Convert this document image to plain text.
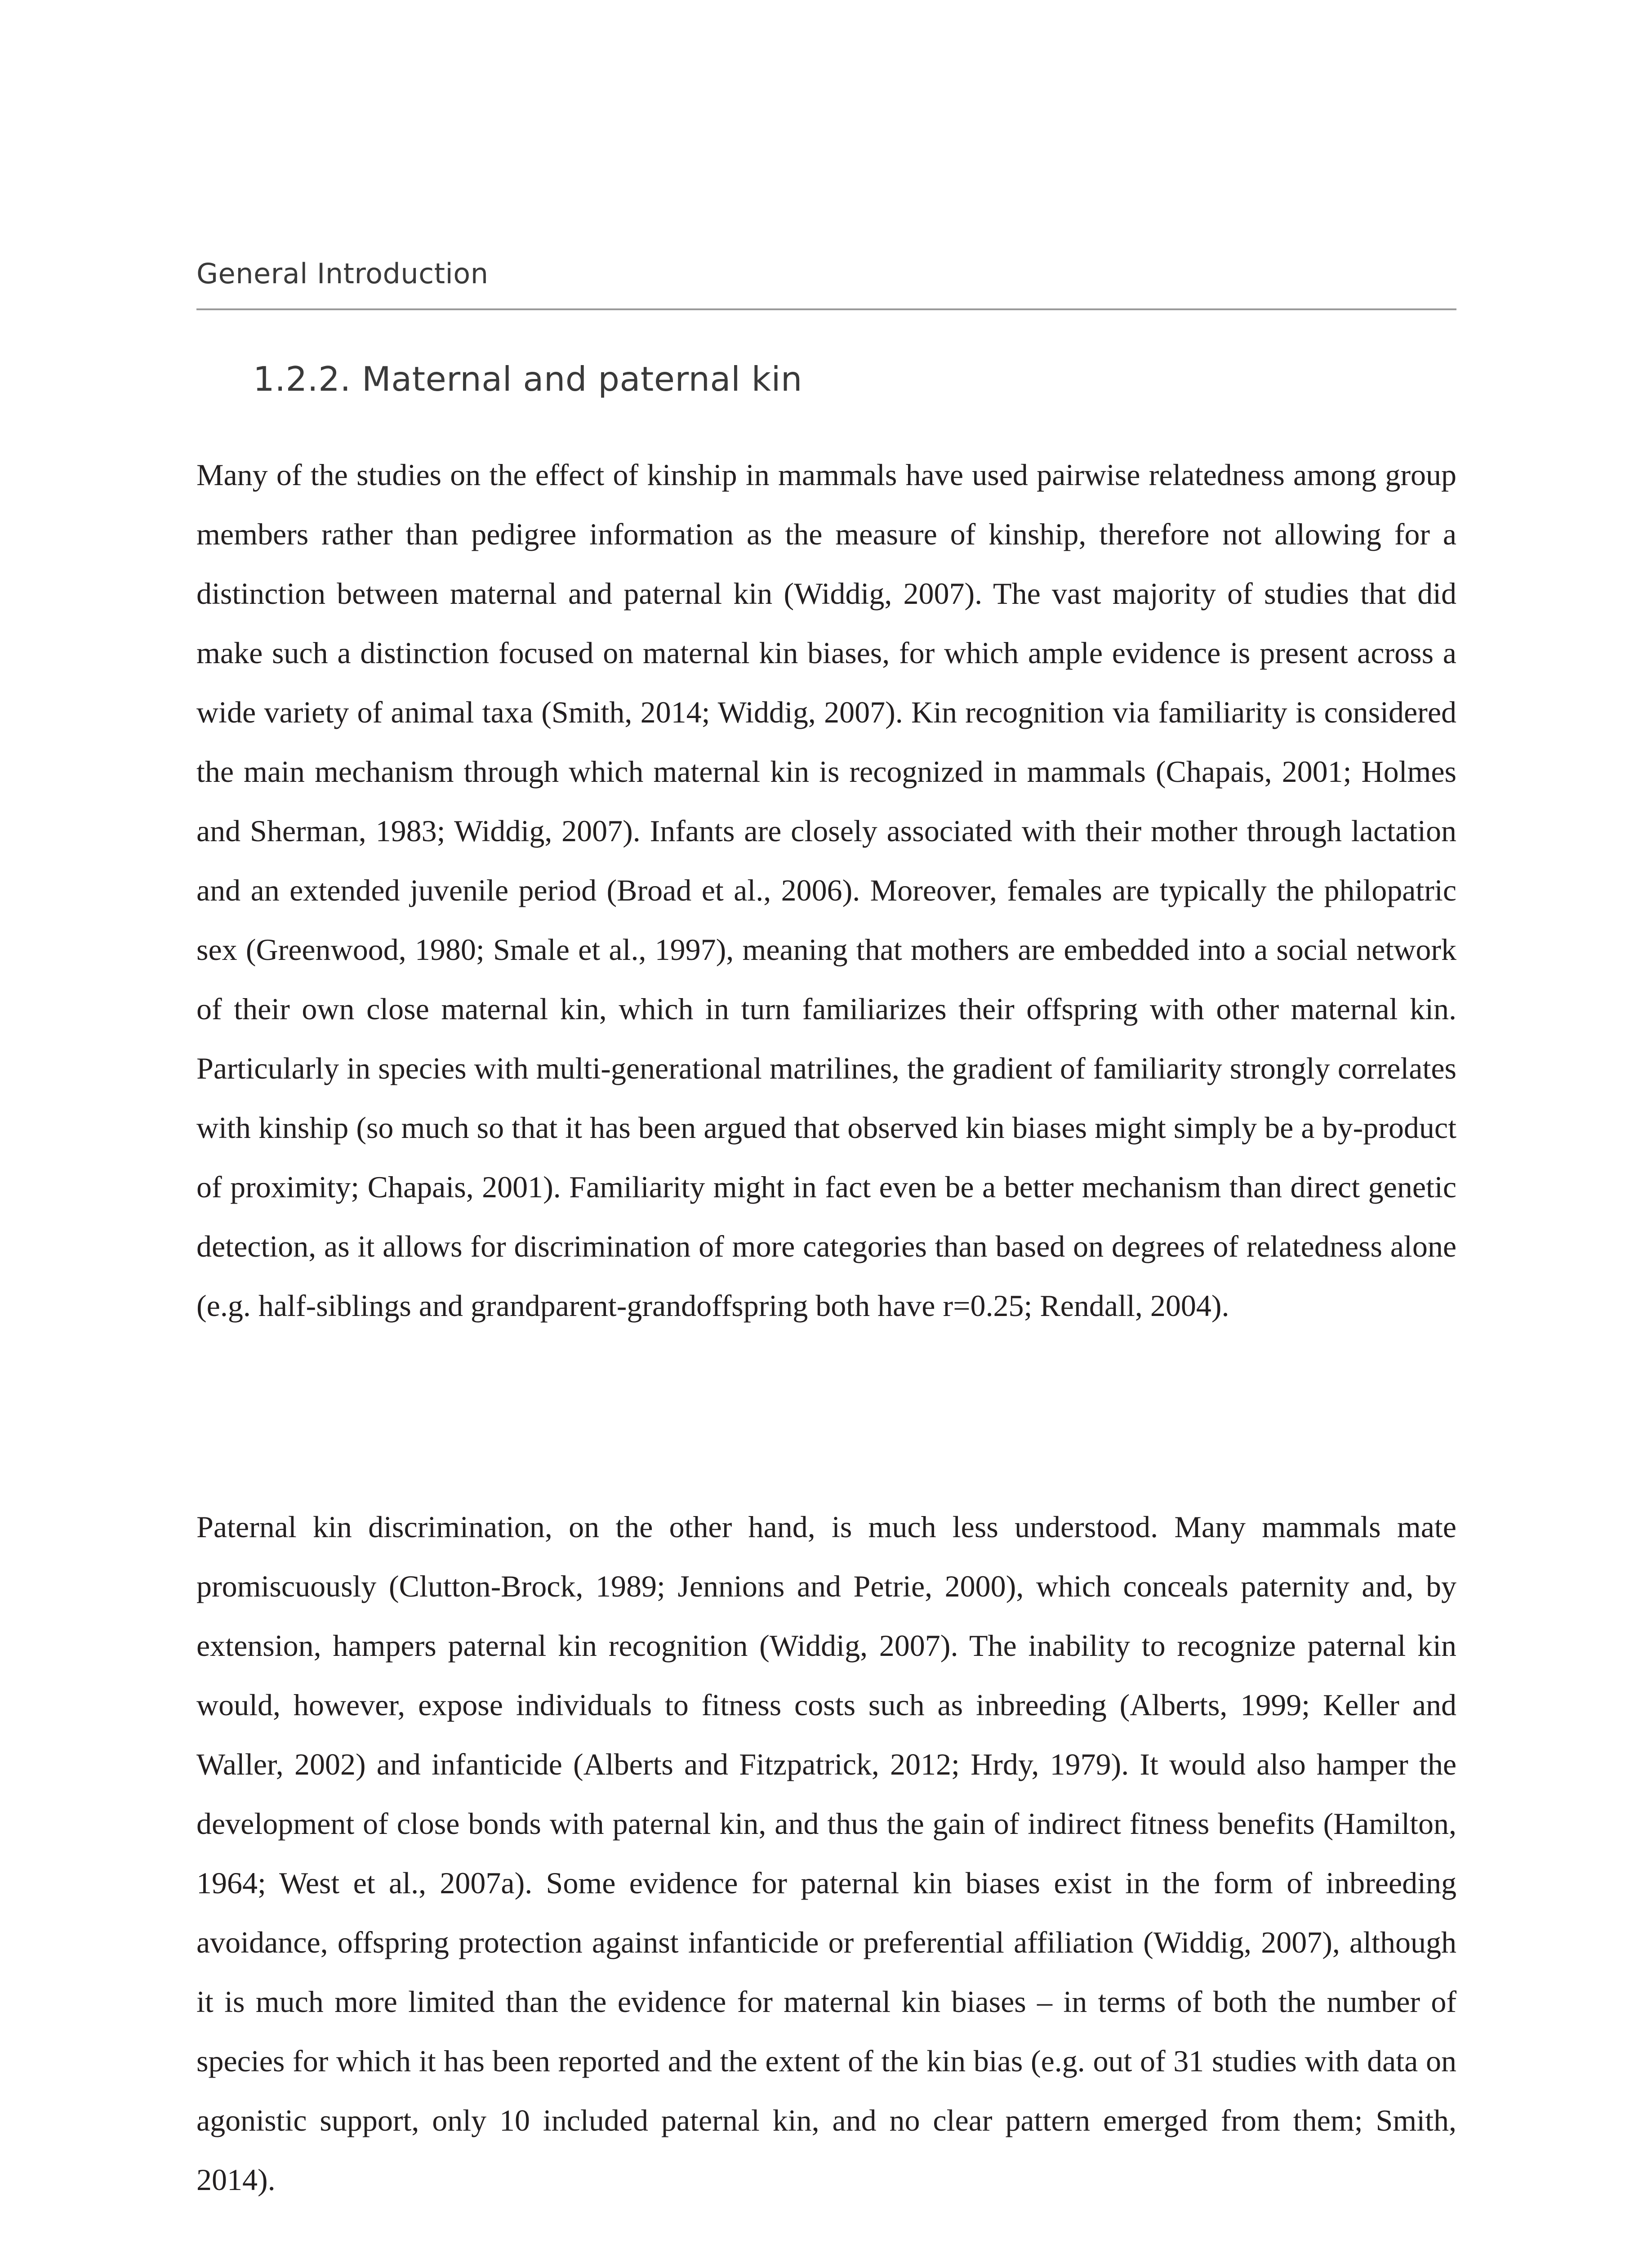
General Introduction
1.2.2. Maternal and paternal kin

Many of the studies on the effect of kinship in mammals have used pairwise relatedness among group members rather than pedigree information as the measure of kinship, therefore not allowing for a distinction between maternal and paternal kin (Widdig, 2007). The vast majority of studies that did make such a distinction focused on maternal kin biases, for which ample evidence is present across a wide variety of animal taxa (Smith, 2014; Widdig, 2007). Kin recognition via familiarity is considered the main mechanism through which maternal kin is recognized in mammals (Chapais, 2001; Holmes and Sherman, 1983; Widdig, 2007). Infants are closely associated with their mother through lactation and an extended juvenile period (Broad et al., 2006). Moreover, females are typically the philopatric sex (Greenwood, 1980; Smale et al., 1997), meaning that mothers are embedded into a social network of their own close maternal kin, which in turn familiarizes their offspring with other maternal kin. Particularly in species with multi-generational matrilines, the gradient of familiarity strongly correlates with kinship (so much so that it has been argued that observed kin biases might simply be a by-product of proximity; Chapais, 2001). Familiarity might in fact even be a better mechanism than direct genetic detection, as it allows for discrimination of more categories than based on degrees of relatedness alone (e.g. half-siblings and grandparent-grandoffspring both have r=0.25; Rendall, 2004).

Paternal kin discrimination, on the other hand, is much less understood. Many mammals mate promiscuously (Clutton-Brock, 1989; Jennions and Petrie, 2000), which conceals paternity and, by extension, hampers paternal kin recognition (Widdig, 2007). The inability to recognize paternal kin would, however, expose individuals to fitness costs such as inbreeding (Alberts, 1999; Keller and Waller, 2002) and infanticide (Alberts and Fitzpatrick, 2012; Hrdy, 1979). It would also hamper the development of close bonds with paternal kin, and thus the gain of indirect fitness benefits (Hamilton, 1964; West et al., 2007a). Some evidence for paternal kin biases exist in the form of inbreeding avoidance, offspring protection against infanticide or preferential affiliation (Widdig, 2007), although it is much more limited than the evidence for maternal kin biases – in terms of both the number of species for which it has been reported and the extent of the kin bias (e.g. out of 31 studies with data on agonistic support, only 10 included paternal kin, and no clear pattern emerged from them; Smith, 2014).
